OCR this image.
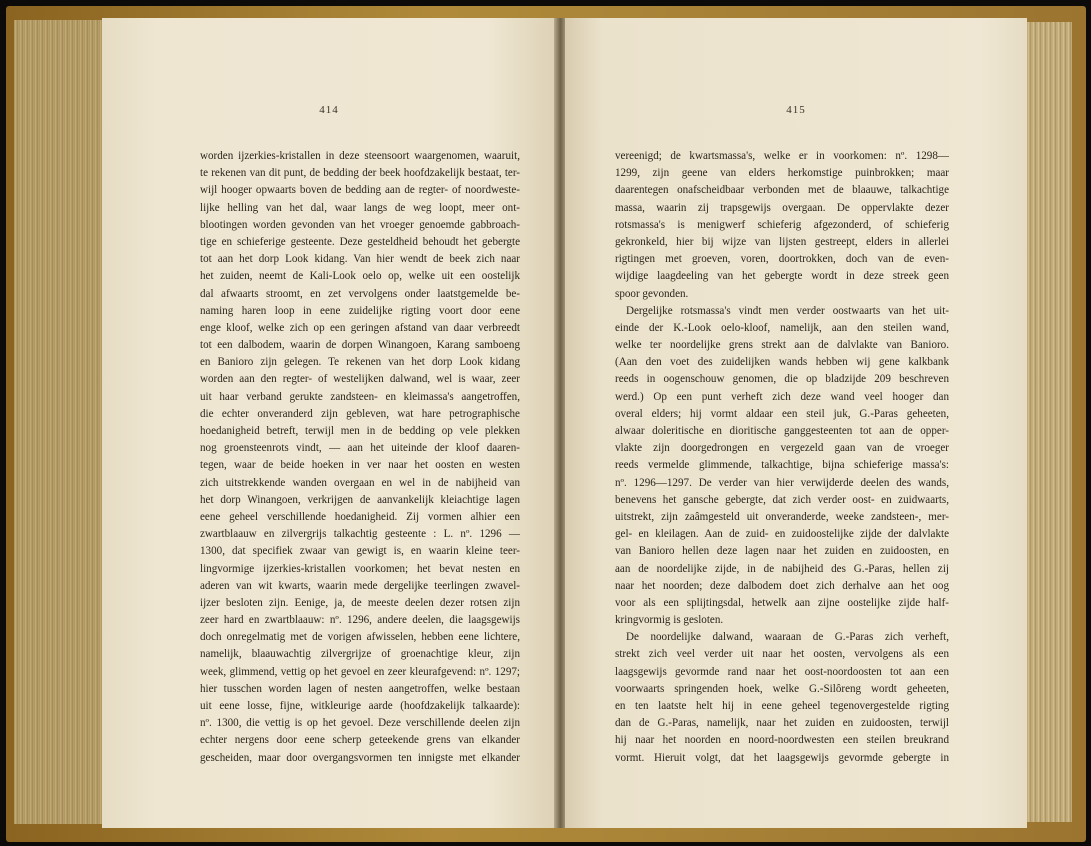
414
worden ijzerkies-kristallen in deze steensoort waargenomen, waaruit,
te rekenen van dit punt, de bedding der beek hoofdzakelijk bestaat, ter-
wijl hooger opwaarts boven de bedding aan de regter- of noordweste-
lijke helling van het dal, waar langs de weg loopt, meer ont-
blootingen worden gevonden van het vroeger genoemde gabbroach-
tige en schieferige gesteente. Deze gesteldheid behoudt het gebergte
tot aan het dorp Look kidang. Van hier wendt de beek zich naar
het zuiden, neemt de Kali-Look oelo op, welke uit een oostelijk
dal afwaarts stroomt, en zet vervolgens onder laatstgemelde be-
naming haren loop in eene zuidelijke rigting voort door eene
enge kloof, welke zich op een geringen afstand van daar verbreedt
tot een dalbodem, waarin de dorpen Winangoen, Karang samboeng
en Banioro zijn gelegen. Te rekenen van het dorp Look kidang
worden aan den regter- of westelijken dalwand, wel is waar, zeer
uit haar verband gerukte zandsteen- en kleimassa's aangetroffen,
die echter onveranderd zijn gebleven, wat hare petrographische
hoedanigheid betreft, terwijl men in de bedding op vele plekken
nog groensteenrots vindt, — aan het uiteinde der kloof daaren-
tegen, waar de beide hoeken in ver naar het oosten en westen
zich uitstrekkende wanden overgaan en wel in de nabijheid van
het dorp Winangoen, verkrijgen de aanvankelijk kleiachtige lagen
eene geheel verschillende hoedanigheid. Zij vormen alhier een
zwartblaauw en zilvergrijs talkachtig gesteente : L. nº. 1296 —
1300, dat specifiek zwaar van gewigt is, en waarin kleine teer-
lingvormige ijzerkies-kristallen voorkomen; het bevat nesten en
aderen van wit kwarts, waarin mede dergelijke teerlingen zwavel-
ijzer besloten zijn. Eenige, ja, de meeste deelen dezer rotsen zijn
zeer hard en zwartblaauw: nº. 1296, andere deelen, die laagsgewijs
doch onregelmatig met de vorigen afwisselen, hebben eene lichtere,
namelijk, blaauwachtig zilvergrijze of groenachtige kleur, zijn
week, glimmend, vettig op het gevoel en zeer kleurafgevend: nº. 1297;
hier tusschen worden lagen of nesten aangetroffen, welke bestaan
uit eene losse, fijne, witkleurige aarde (hoofdzakelijk talkaarde):
nº. 1300, die vettig is op het gevoel. Deze verschillende deelen zijn
echter nergens door eene scherp geteekende grens van elkander
gescheiden, maar door overgangsvormen ten innigste met elkander
415
vereenigd; de kwartsmassa's, welke er in voorkomen: nº. 1298—
1299, zijn geene van elders herkomstige puinbrokken; maar
daarentegen onafscheidbaar verbonden met de blaauwe, talkachtige
massa, waarin zij trapsgewijs overgaan. De oppervlakte dezer
rotsmassa's is menigwerf schieferig afgezonderd, of schieferig
gekronkeld, hier bij wijze van lijsten gestreept, elders in allerlei
rigtingen met groeven, voren, doortrokken, doch van de even-
wijdige laagdeeling van het gebergte wordt in deze streek geen
spoor gevonden.
Dergelijke rotsmassa's vindt men verder oostwaarts van het uit-
einde der K.-Look oelo-kloof, namelijk, aan den steilen wand,
welke ter noordelijke grens strekt aan de dalvlakte van Banioro.
(Aan den voet des zuidelijken wands hebben wij gene kalkbank
reeds in oogenschouw genomen, die op bladzijde 209 beschreven
werd.) Op een punt verheft zich deze wand veel hooger dan
overal elders; hij vormt aldaar een steil juk, G.-Paras geheeten,
alwaar doleritische en dioritische ganggesteenten tot aan de opper-
vlakte zijn doorgedrongen en vergezeld gaan van de vroeger
reeds vermelde glimmende, talkachtige, bijna schieferige massa's:
nº. 1296—1297. De verder van hier verwijderde deelen des wands,
benevens het gansche gebergte, dat zich verder oost- en zuidwaarts,
uitstrekt, zijn zaâmgesteld uit onveranderde, weeke zandsteen-, mer-
gel- en kleilagen. Aan de zuid- en zuidoostelijke zijde der dalvlakte
van Banioro hellen deze lagen naar het zuiden en zuidoosten, en
aan de noordelijke zijde, in de nabijheid des G.-Paras, hellen zij
naar het noorden; deze dalbodem doet zich derhalve aan het oog
voor als een splijtingsdal, hetwelk aan zijne oostelijke zijde half-
kringvormig is gesloten.
De noordelijke dalwand, waaraan de G.-Paras zich verheft,
strekt zich veel verder uit naar het oosten, vervolgens als een
laagsgewijs gevormde rand naar het oost-noordoosten tot aan een
voorwaarts springenden hoek, welke G.-Silôreng wordt geheeten,
en ten laatste helt hij in eene geheel tegenovergestelde rigting
dan de G.-Paras, namelijk, naar het zuiden en zuidoosten, terwijl
hij naar het noorden en noord-noordwesten een steilen breukrand
vormt. Hieruit volgt, dat het laagsgewijs gevormde gebergte in
